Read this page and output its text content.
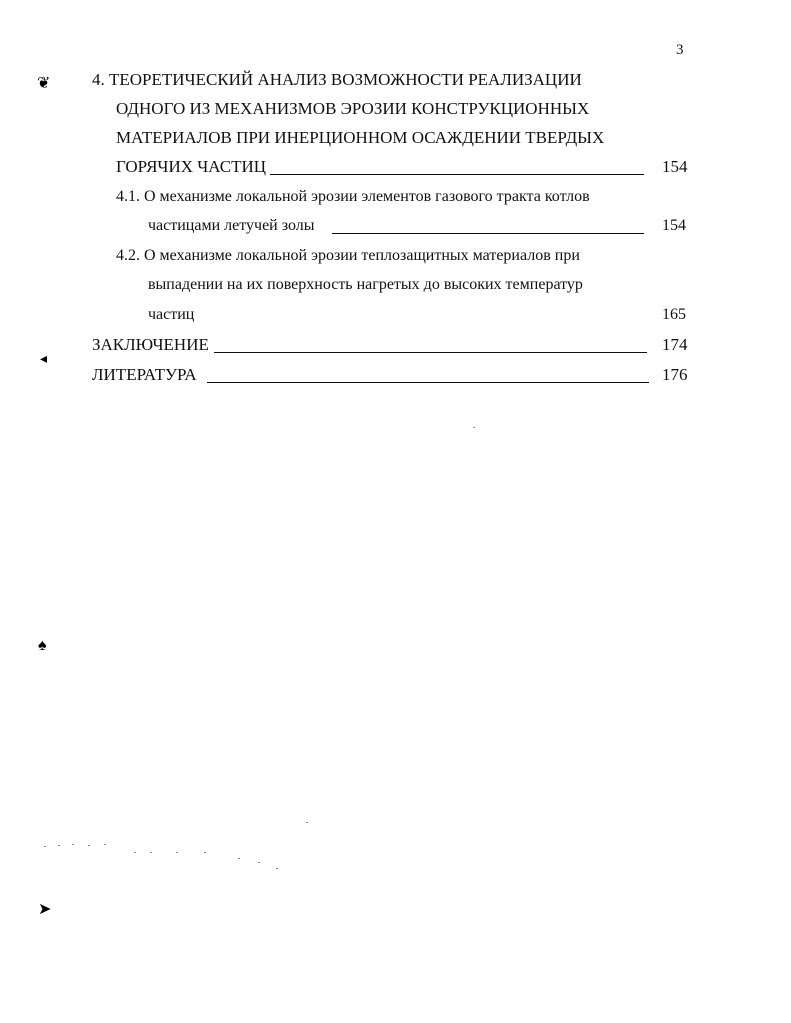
3
❦
◂
♠
➤
4. ТЕОРЕТИЧЕСКИЙ АНАЛИЗ ВОЗМОЖНОСТИ РЕАЛИЗАЦИИ
ОДНОГО ИЗ МЕХАНИЗМОВ ЭРОЗИИ КОНСТРУКЦИОННЫХ
МАТЕРИАЛОВ ПРИ ИНЕРЦИОННОМ ОСАЖДЕНИИ ТВЕРДЫХ
ГОРЯЧИХ ЧАСТИЦ	154
4.1. О механизме локальной эрозии элементов газового тракта котлов
частицами летучей золы	154
4.2. О механизме локальной эрозии теплозащитных материалов при
выпадении на их поверхность нагретых до высоких температур
частиц	165
ЗАКЛЮЧЕНИЕ	174
ЛИТЕРАТУРА	176
